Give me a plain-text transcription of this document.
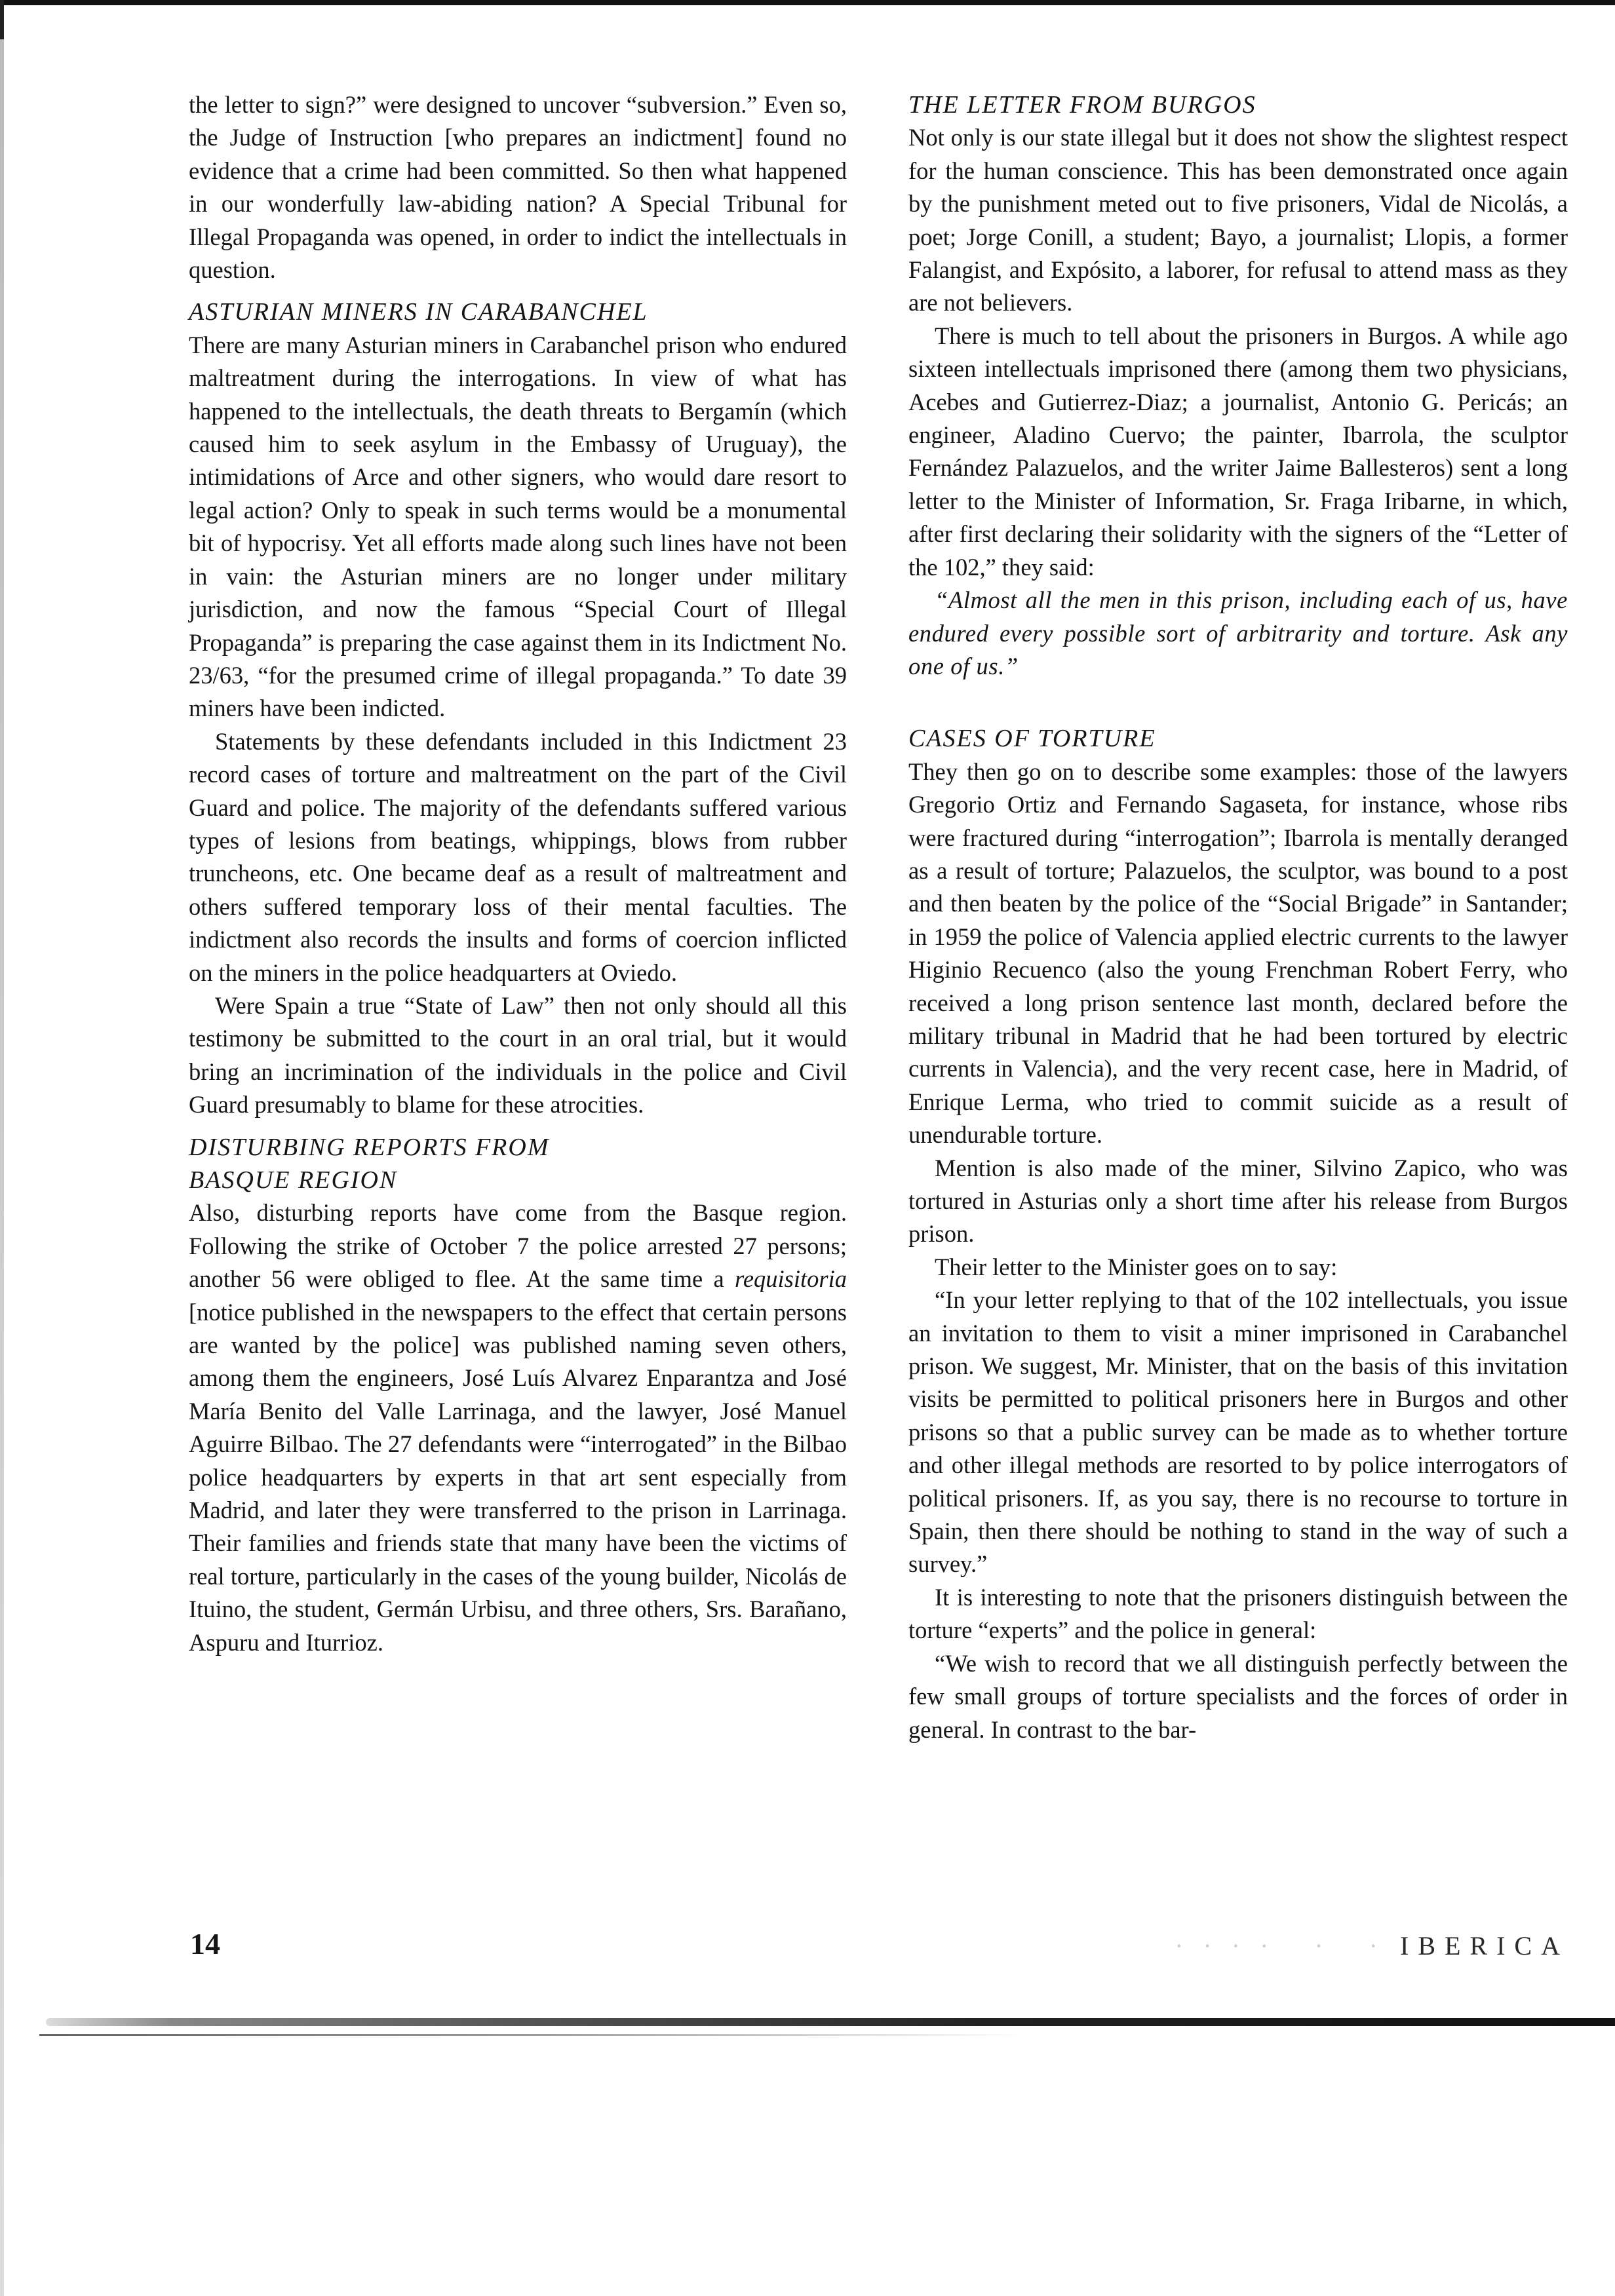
the letter to sign?” were designed to uncover “subversion.” Even so, the Judge of Instruction [who prepares an indictment] found no evidence that a crime had been committed. So then what happened in our wonderfully law-abiding nation? A Special Tribunal for Illegal Propaganda was opened, in order to indict the intellectuals in question.

ASTURIAN MINERS IN CARABANCHEL

There are many Asturian miners in Carabanchel prison who endured maltreatment during the interrogations. In view of what has happened to the intellectuals, the death threats to Bergamín (which caused him to seek asylum in the Embassy of Uruguay), the intimidations of Arce and other signers, who would dare resort to legal action? Only to speak in such terms would be a monumental bit of hypocrisy. Yet all efforts made along such lines have not been in vain: the Asturian miners are no longer under military jurisdiction, and now the famous “Special Court of Illegal Propaganda” is preparing the case against them in its Indictment No. 23/63, “for the presumed crime of illegal propaganda.” To date 39 miners have been indicted.

Statements by these defendants included in this Indictment 23 record cases of torture and maltreatment on the part of the Civil Guard and police. The majority of the defendants suffered various types of lesions from beatings, whippings, blows from rubber truncheons, etc. One became deaf as a result of maltreatment and others suffered temporary loss of their mental faculties. The indictment also records the insults and forms of coercion inflicted on the miners in the police headquarters at Oviedo.

Were Spain a true “State of Law” then not only should all this testimony be submitted to the court in an oral trial, but it would bring an incrimination of the individuals in the police and Civil Guard presumably to blame for these atrocities.

DISTURBING REPORTS FROM
BASQUE REGION

Also, disturbing reports have come from the Basque region. Following the strike of October 7 the police arrested 27 persons; another 56 were obliged to flee. At the same time a requisitoria [notice published in the newspapers to the effect that certain persons are wanted by the police] was published naming seven others, among them the engineers, José Luís Alvarez Enparantza and José María Benito del Valle Larrinaga, and the lawyer, José Manuel Aguirre Bilbao. The 27 defendants were “interrogated” in the Bilbao police headquarters by experts in that art sent especially from Madrid, and later they were transferred to the prison in Larrinaga. Their families and friends state that many have been the victims of real torture, particularly in the cases of the young builder, Nicolás de Ituino, the student, Germán Urbisu, and three others, Srs. Barañano, Aspuru and Iturrioz.

THE LETTER FROM BURGOS

Not only is our state illegal but it does not show the slightest respect for the human conscience. This has been demonstrated once again by the punishment meted out to five prisoners, Vidal de Nicolás, a poet; Jorge Conill, a student; Bayo, a journalist; Llopis, a former Falangist, and Expósito, a laborer, for refusal to attend mass as they are not believers.

There is much to tell about the prisoners in Burgos. A while ago sixteen intellectuals imprisoned there (among them two physicians, Acebes and Gutierrez-Diaz; a journalist, Antonio G. Pericás; an engineer, Aladino Cuervo; the painter, Ibarrola, the sculptor Fernández Palazuelos, and the writer Jaime Ballesteros) sent a long letter to the Minister of Information, Sr. Fraga Iribarne, in which, after first declaring their solidarity with the signers of the “Letter of the 102,” they said:

“Almost all the men in this prison, including each of us, have endured every possible sort of arbitrarity and torture. Ask any one of us.”

CASES OF TORTURE

They then go on to describe some examples: those of the lawyers Gregorio Ortiz and Fernando Sagaseta, for instance, whose ribs were fractured during “interrogation”; Ibarrola is mentally deranged as a result of torture; Palazuelos, the sculptor, was bound to a post and then beaten by the police of the “Social Brigade” in Santander; in 1959 the police of Valencia applied electric currents to the lawyer Higinio Recuenco (also the young Frenchman Robert Ferry, who received a long prison sentence last month, declared before the military tribunal in Madrid that he had been tortured by electric currents in Valencia), and the very recent case, here in Madrid, of Enrique Lerma, who tried to commit suicide as a result of unendurable torture.

Mention is also made of the miner, Silvino Zapico, who was tortured in Asturias only a short time after his release from Burgos prison.

Their letter to the Minister goes on to say:

“In your letter replying to that of the 102 intellectuals, you issue an invitation to them to visit a miner imprisoned in Carabanchel prison. We suggest, Mr. Minister, that on the basis of this invitation visits be permitted to political prisoners here in Burgos and other prisons so that a public survey can be made as to whether torture and other illegal methods are resorted to by police interrogators of political prisoners. If, as you say, there is no recourse to torture in Spain, then there should be nothing to stand in the way of such a survey.”

It is interesting to note that the prisoners distinguish between the torture “experts” and the police in general:

“We wish to record that we all distinguish perfectly between the few small groups of torture specialists and the forces of order in general. In contrast to the bar-

14	· · · ·   ·   · IBERICA
